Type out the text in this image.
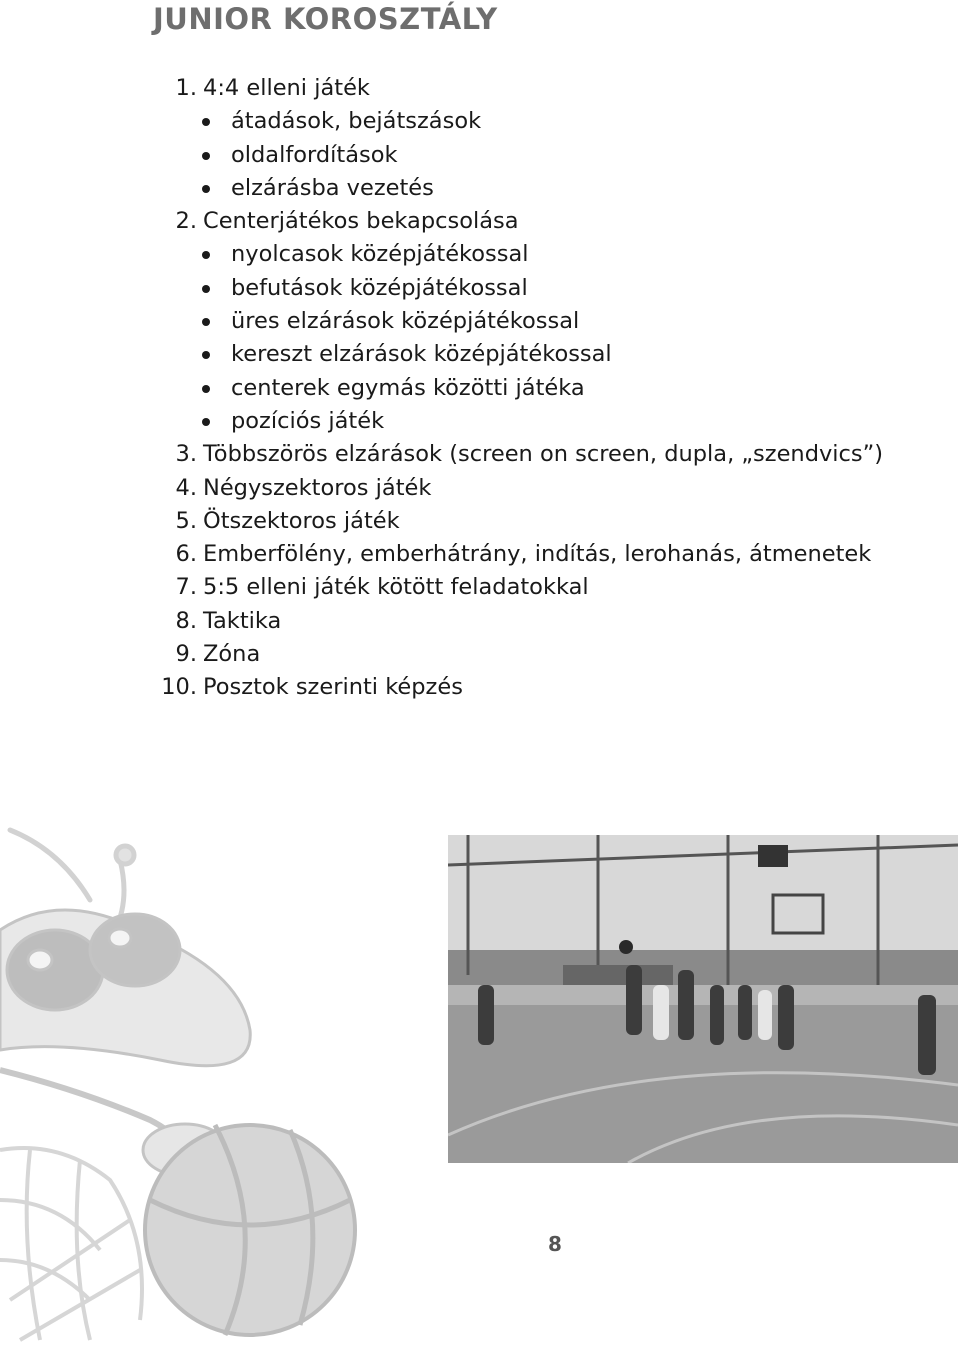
JUNIOR KOROSZTÁLY
1. 4:4 elleni játék
átadások, bejátszások
oldalfordítások
elzárásba vezetés
2. Centerjátékos bekapcsolása
nyolcasok középjátékossal
befutások középjátékossal
üres elzárások középjátékossal
kereszt elzárások középjátékossal
centerek egymás közötti játéka
pozíciós játék
3. Többszörös elzárások (screen on screen, dupla, „szendvics”)
4. Négyszektoros játék
5. Ötszektoros játék
6. Emberfölény, emberhátrány, indítás, lerohanás, átmenetek
7. 5:5 elleni játék kötött feladatokkal
8. Taktika
9. Zóna
10. Posztok szerinti képzés
8
